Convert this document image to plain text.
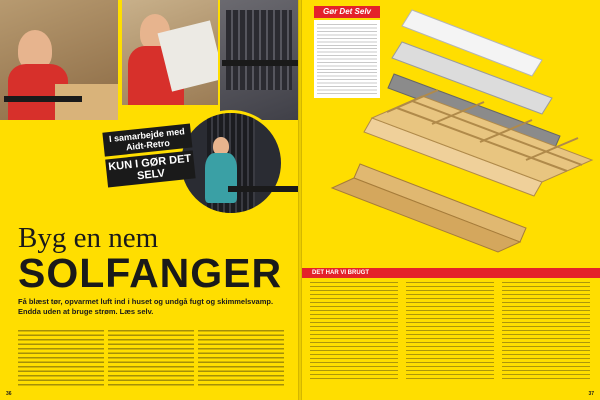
I samarbejde med Aidt-Retro
KUN I GØR DET SELV
Byg en nem
SOLFANGER
Få blæst tør, opvarmet luft ind i huset og undgå fugt og skimmelsvamp. Endda uden at bruge strøm. Læs selv.
36
Gør Det Selv
DET HAR VI BRUGT
37
